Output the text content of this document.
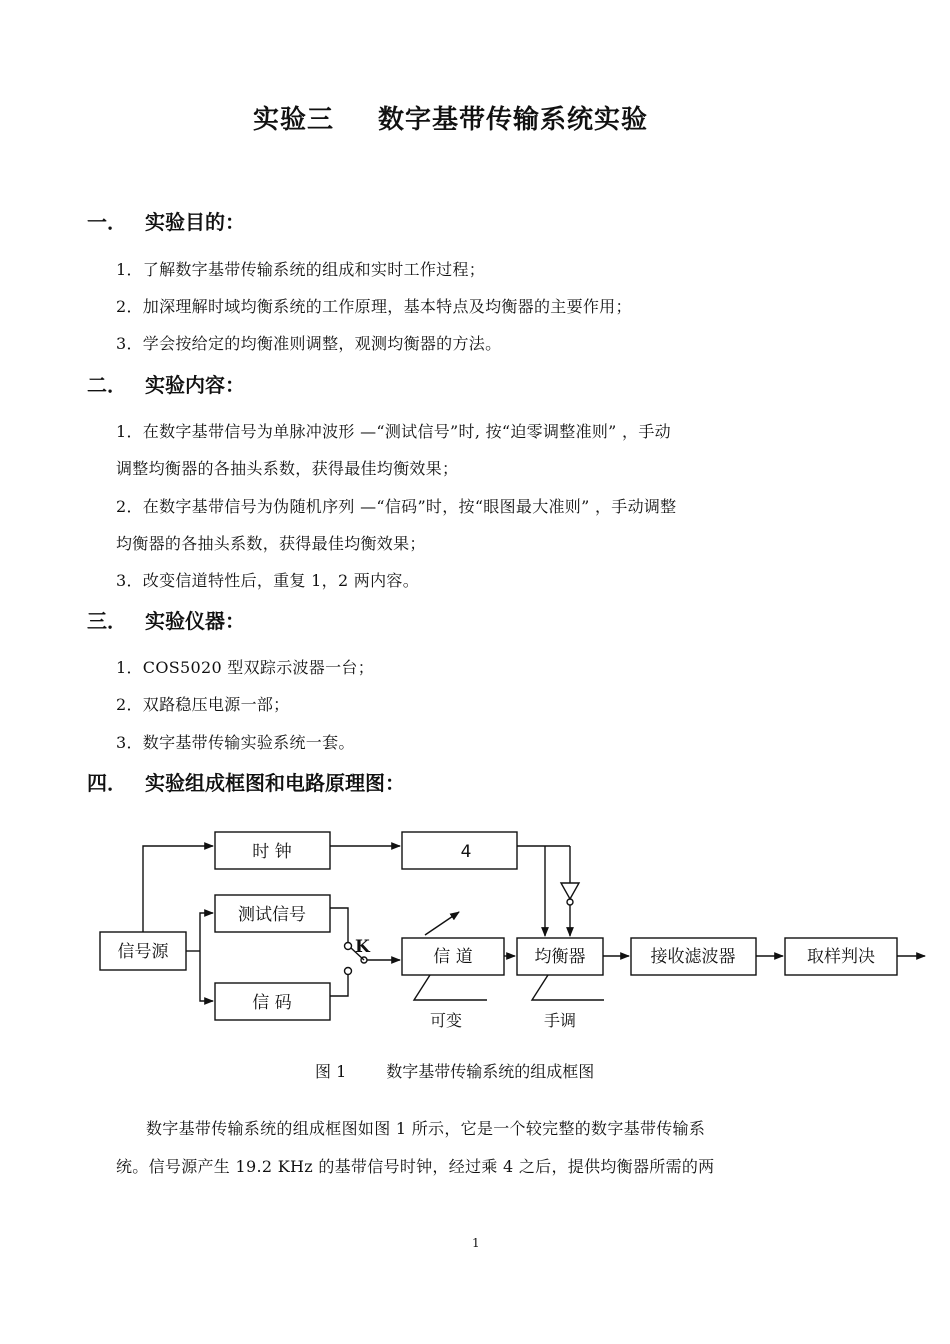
实验三 数字基带传输系统实验
一． 实验目的：
1．了解数字基带传输系统的组成和实时工作过程；
2．加深理解时域均衡系统的工作原理，基本特点及均衡器的主要作用；
3．学会按给定的均衡准则调整，观测均衡器的方法。
二． 实验内容：
1．在数字基带信号为单脉冲波形 —“测试信号”时, 按“迫零调整准则” ，手动
调整均衡器的各抽头系数，获得最佳均衡效果；
2．在数字基带信号为伪随机序列 —“信码”时，按“眼图最大准则” ，手动调整
均衡器的各抽头系数，获得最佳均衡效果；
3．改变信道特性后，重复 1，2 两内容。
三． 实验仪器：
1．COS5020 型双踪示波器一台；
2．双路稳压电源一部；
3．数字基带传输实验系统一套。
四． 实验组成框图和电路原理图：
时 钟	4
测试信号
信号源
信 码
K	信 道	均衡器	接收滤波器	取样判决
可变	手调
图 1	数字基带传输系统的组成框图
数字基带传输系统的组成框图如图 1 所示，它是一个较完整的数字基带传输系
统。信号源产生 19.2 KHz 的基带信号时钟，经过乘 4 之后，提供均衡器所需的两
1
